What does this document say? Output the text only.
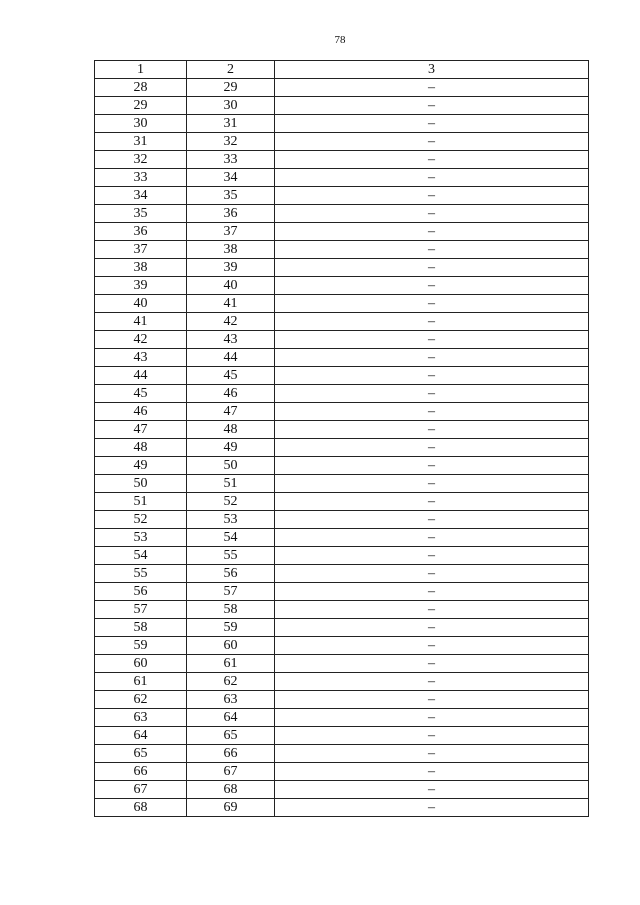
78
1	2	3
28	29	–
29	30	–
30	31	–
31	32	–
32	33	–
33	34	–
34	35	–
35	36	–
36	37	–
37	38	–
38	39	–
39	40	–
40	41	–
41	42	–
42	43	–
43	44	–
44	45	–
45	46	–
46	47	–
47	48	–
48	49	–
49	50	–
50	51	–
51	52	–
52	53	–
53	54	–
54	55	–
55	56	–
56	57	–
57	58	–
58	59	–
59	60	–
60	61	–
61	62	–
62	63	–
63	64	–
64	65	–
65	66	–
66	67	–
67	68	–
68	69	–
